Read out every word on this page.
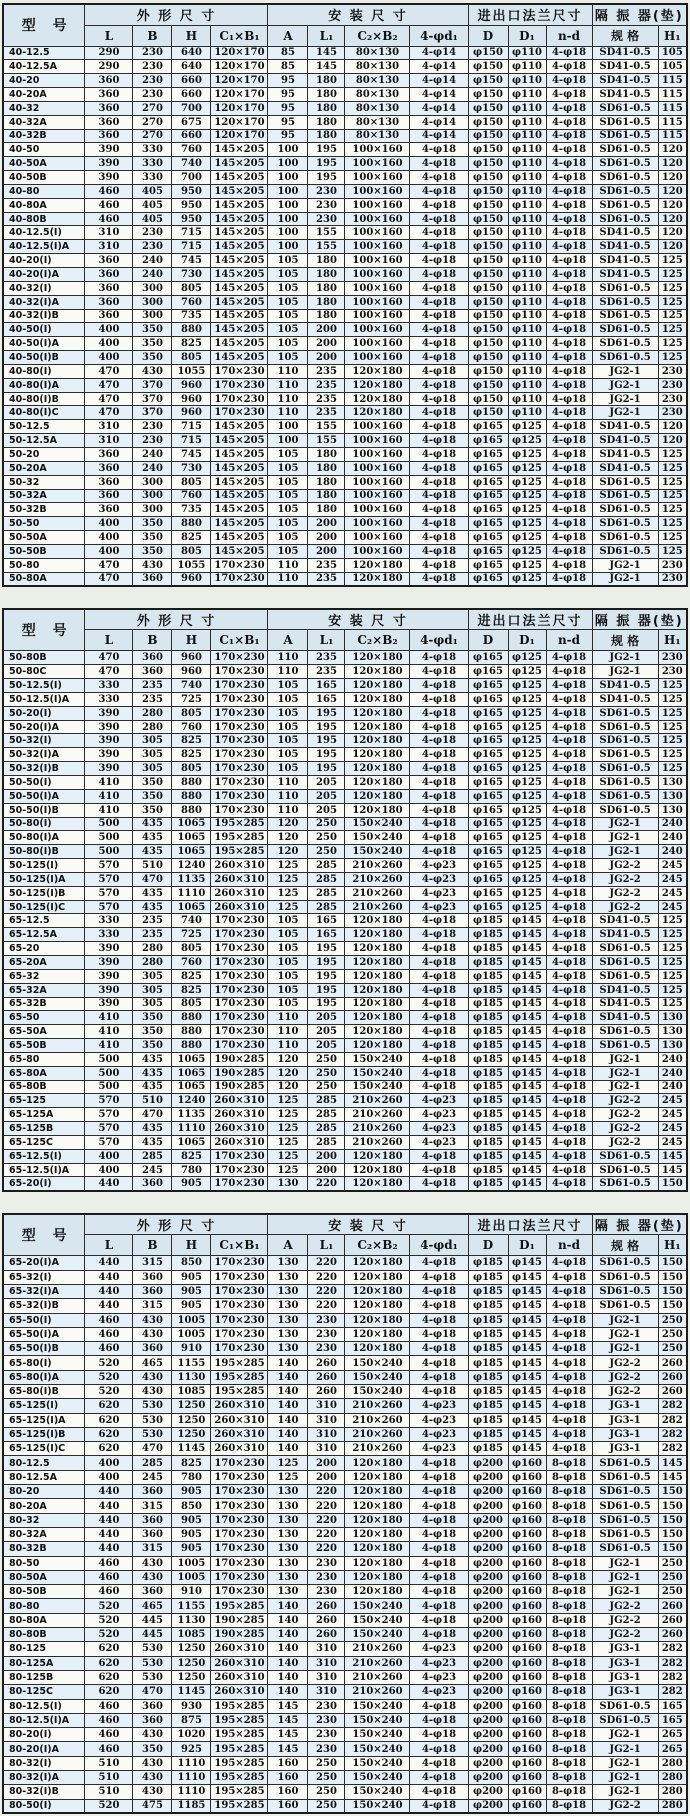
型 号	外 形 尺 寸				安 装 尺 寸				进出口法兰尺寸			隔 振 器(垫)	
	L	B	H	C₁×B₁	A	L₁	C₂×B₂	4-φd₁	D	D₁	n-d	规 格	H₁
40-12.5	290	230	640	120×170	85	145	80×130	4-φ14	φ150	φ110	4-φ18	SD41-0.5	105
40-12.5A	290	230	640	120×170	85	145	80×130	4-φ14	φ150	φ110	4-φ18	SD41-0.5	105
40-20	360	230	660	120×170	95	180	80×130	4-φ14	φ150	φ110	4-φ18	SD41-0.5	115
40-20A	360	230	660	120×170	95	180	80×130	4-φ14	φ150	φ110	4-φ18	SD41-0.5	115
40-32	360	270	700	120×170	95	180	80×130	4-φ14	φ150	φ110	4-φ18	SD61-0.5	115
40-32A	360	270	675	120×170	95	180	80×130	4-φ14	φ150	φ110	4-φ18	SD61-0.5	115
40-32B	360	270	660	120×170	95	180	80×130	4-φ14	φ150	φ110	4-φ18	SD61-0.5	115
40-50	390	330	760	145×205	100	195	100×160	4-φ18	φ150	φ110	4-φ18	SD61-0.5	120
40-50A	390	330	740	145×205	100	195	100×160	4-φ18	φ150	φ110	4-φ18	SD61-0.5	120
40-50B	390	330	700	145×205	100	195	100×160	4-φ18	φ150	φ110	4-φ18	SD61-0.5	120
40-80	460	405	950	145×205	100	230	100×160	4-φ18	φ150	φ110	4-φ18	SD61-0.5	120
40-80A	460	405	950	145×205	100	230	100×160	4-φ18	φ150	φ110	4-φ18	SD61-0.5	120
40-80B	460	405	950	145×205	100	230	100×160	4-φ18	φ150	φ110	4-φ18	SD61-0.5	120
40-12.5(I)	310	230	715	145×205	100	155	100×160	4-φ18	φ150	φ110	4-φ18	SD41-0.5	120
40-12.5(I)A	310	230	715	145×205	100	155	100×160	4-φ18	φ150	φ110	4-φ18	SD41-0.5	120
40-20(I)	360	240	745	145×205	105	180	100×160	4-φ18	φ150	φ110	4-φ18	SD41-0.5	125
40-20(I)A	360	240	730	145×205	105	180	100×160	4-φ18	φ150	φ110	4-φ18	SD41-0.5	125
40-32(I)	360	300	805	145×205	105	180	100×160	4-φ18	φ150	φ110	4-φ18	SD61-0.5	125
40-32(I)A	360	300	760	145×205	105	180	100×160	4-φ18	φ150	φ110	4-φ18	SD61-0.5	125
40-32(I)B	360	300	735	145×205	105	180	100×160	4-φ18	φ150	φ110	4-φ18	SD61-0.5	125
40-50(I)	400	350	880	145×205	105	200	100×160	4-φ18	φ150	φ110	4-φ18	SD61-0.5	125
40-50(I)A	400	350	825	145×205	105	200	100×160	4-φ18	φ150	φ110	4-φ18	SD61-0.5	125
40-50(I)B	400	350	805	145×205	105	200	100×160	4-φ18	φ150	φ110	4-φ18	SD61-0.5	125
40-80(I)	470	430	1055	170×230	110	235	120×180	4-φ18	φ150	φ110	4-φ18	JG2-1	230
40-80(I)A	470	370	960	170×230	110	235	120×180	4-φ18	φ150	φ110	4-φ18	JG2-1	230
40-80(I)B	470	370	960	170×230	110	235	120×180	4-φ18	φ150	φ110	4-φ18	JG2-1	230
40-80(I)C	470	370	960	170×230	110	235	120×180	4-φ18	φ150	φ110	4-φ18	JG2-1	230
50-12.5	310	230	715	145×205	100	155	100×160	4-φ18	φ165	φ125	4-φ18	SD41-0.5	120
50-12.5A	310	230	715	145×205	100	155	100×160	4-φ18	φ165	φ125	4-φ18	SD41-0.5	120
50-20	360	240	745	145×205	105	180	100×160	4-φ18	φ165	φ125	4-φ18	SD41-0.5	125
50-20A	360	240	730	145×205	105	180	100×160	4-φ18	φ165	φ125	4-φ18	SD41-0.5	125
50-32	360	300	805	145×205	105	180	100×160	4-φ18	φ165	φ125	4-φ18	SD61-0.5	125
50-32A	360	300	760	145×205	105	180	100×160	4-φ18	φ165	φ125	4-φ18	SD61-0.5	125
50-32B	360	300	735	145×205	105	180	100×160	4-φ18	φ165	φ125	4-φ18	SD61-0.5	125
50-50	400	350	880	145×205	105	200	100×160	4-φ18	φ165	φ125	4-φ18	SD61-0.5	125
50-50A	400	350	825	145×205	105	200	100×160	4-φ18	φ165	φ125	4-φ18	SD61-0.5	125
50-50B	400	350	805	145×205	105	200	100×160	4-φ18	φ165	φ125	4-φ18	SD61-0.5	125
50-80	470	430	1055	170×230	110	235	120×180	4-φ18	φ165	φ125	4-φ18	JG2-1	230
50-80A	470	360	960	170×230	110	235	120×180	4-φ18	φ165	φ125	4-φ18	JG2-1	230
型 号	外 形 尺 寸				安 装 尺 寸				进出口法兰尺寸			隔 振 器(垫)	
	L	B	H	C₁×B₁	A	L₁	C₂×B₂	4-φd₁	D	D₁	n-d	规 格	H₁
50-80B	470	360	960	170×230	110	235	120×180	4-φ18	φ165	φ125	4-φ18	JG2-1	230
50-80C	470	360	960	170×230	110	235	120×180	4-φ18	φ165	φ125	4-φ18	JG2-1	230
50-12.5(I)	330	235	740	170×230	105	165	120×180	4-φ18	φ165	φ125	4-φ18	SD41-0.5	125
50-12.5(I)A	330	235	725	170×230	105	165	120×180	4-φ18	φ165	φ125	4-φ18	SD41-0.5	125
50-20(I)	390	280	805	170×230	105	195	120×180	4-φ18	φ165	φ125	4-φ18	SD61-0.5	125
50-20(I)A	390	280	760	170×230	105	195	120×180	4-φ18	φ165	φ125	4-φ18	SD61-0.5	125
50-32(I)	390	305	825	170×230	105	195	120×180	4-φ18	φ165	φ125	4-φ18	SD61-0.5	125
50-32(I)A	390	305	825	170×230	105	195	120×180	4-φ18	φ165	φ125	4-φ18	SD61-0.5	125
50-32(I)B	390	305	805	170×230	105	195	120×180	4-φ18	φ165	φ125	4-φ18	SD61-0.5	125
50-50(I)	410	350	880	170×230	110	205	120×180	4-φ18	φ165	φ125	4-φ18	SD61-0.5	130
50-50(I)A	410	350	880	170×230	110	205	120×180	4-φ18	φ165	φ125	4-φ18	SD61-0.5	130
50-50(I)B	410	350	880	170×230	110	205	120×180	4-φ18	φ165	φ125	4-φ18	SD61-0.5	130
50-80(I)	500	435	1065	195×285	120	250	150×240	4-φ18	φ165	φ125	4-φ18	JG2-1	240
50-80(I)A	500	435	1065	195×285	120	250	150×240	4-φ18	φ165	φ125	4-φ18	JG2-1	240
50-80(I)B	500	435	1065	195×285	120	250	150×240	4-φ18	φ165	φ125	4-φ18	JG2-1	240
50-125(I)	570	510	1240	260×310	125	285	210×260	4-φ23	φ165	φ125	4-φ18	JG2-2	245
50-125(I)A	570	470	1135	260×310	125	285	210×260	4-φ23	φ165	φ125	4-φ18	JG2-2	245
50-125(I)B	570	435	1110	260×310	125	285	210×260	4-φ23	φ165	φ125	4-φ18	JG2-2	245
50-125(I)C	570	435	1065	260×310	125	285	210×260	4-φ23	φ165	φ125	4-φ18	JG2-2	245
65-12.5	330	235	740	170×230	105	165	120×180	4-φ18	φ185	φ145	4-φ18	SD41-0.5	125
65-12.5A	330	235	725	170×230	105	165	120×180	4-φ18	φ185	φ145	4-φ18	SD41-0.5	125
65-20	390	280	805	170×230	105	195	120×180	4-φ18	φ185	φ145	4-φ18	SD61-0.5	125
65-20A	390	280	760	170×230	105	195	120×180	4-φ18	φ185	φ145	4-φ18	SD61-0.5	125
65-32	390	305	825	170×230	105	195	120×180	4-φ18	φ185	φ145	4-φ18	SD61-0.5	125
65-32A	390	305	825	170×230	105	195	120×180	4-φ18	φ185	φ145	4-φ18	SD41-0.5	125
65-32B	390	305	805	170×230	105	195	120×180	4-φ18	φ185	φ145	4-φ18	SD41-0.5	125
65-50	410	350	880	170×230	110	205	120×180	4-φ18	φ185	φ145	4-φ18	SD41-0.5	130
65-50A	410	350	880	170×230	110	205	120×180	4-φ18	φ185	φ145	4-φ18	SD61-0.5	130
65-50B	410	350	880	170×230	110	205	120×180	4-φ18	φ185	φ145	4-φ18	SD61-0.5	130
65-80	500	435	1065	190×285	120	250	150×240	4-φ18	φ185	φ145	4-φ18	JG2-1	240
65-80A	500	435	1065	190×285	120	250	150×240	4-φ18	φ185	φ145	4-φ18	JG2-1	240
65-80B	500	435	1065	190×285	120	250	150×240	4-φ18	φ185	φ145	4-φ18	JG2-1	240
65-125	570	510	1240	260×310	125	285	210×260	4-φ23	φ185	φ145	4-φ18	JG2-2	245
65-125A	570	470	1135	260×310	125	285	210×260	4-φ23	φ185	φ145	4-φ18	JG2-2	245
65-125B	570	435	1110	260×310	125	285	210×260	4-φ23	φ185	φ145	4-φ18	JG2-2	245
65-125C	570	435	1065	260×310	125	285	210×260	4-φ23	φ185	φ145	4-φ18	JG2-2	245
65-12.5(I)	400	285	825	170×230	125	200	120×180	4-φ18	φ185	φ145	4-φ18	SD61-0.5	145
65-12.5(I)A	400	245	780	170×230	125	200	120×180	4-φ18	φ185	φ145	4-φ18	SD61-0.5	145
65-20(I)	440	360	905	170×230	130	220	120×180	4-φ18	φ185	φ145	4-φ18	SD61-0.5	150
型 号	外 形 尺 寸				安 装 尺 寸				进出口法兰尺寸			隔 振 器(垫)	
	L	B	H	C₁×B₁	A	L₁	C₂×B₂	4-φd₁	D	D₁	n-d	规 格	H₁
65-20(I)A	440	315	850	170×230	130	220	120×180	4-φ18	φ185	φ145	4-φ18	SD61-0.5	150
65-32(I)	440	360	905	170×230	130	220	120×180	4-φ18	φ185	φ145	4-φ18	SD61-0.5	150
65-32(I)A	440	360	905	170×230	130	220	120×180	4-φ18	φ185	φ145	4-φ18	SD61-0.5	150
65-32(I)B	440	315	905	170×230	130	220	120×180	4-φ18	φ185	φ145	4-φ18	SD61-0.5	150
65-50(I)	460	430	1005	170×230	130	230	120×180	4-φ18	φ185	φ145	4-φ18	JG2-1	250
65-50(I)A	460	430	1005	170×230	130	230	120×180	4-φ18	φ185	φ145	4-φ18	JG2-1	250
65-50(I)B	460	360	910	170×230	130	230	120×180	4-φ18	φ185	φ145	4-φ18	JG2-1	250
65-80(I)	520	465	1155	195×285	140	260	150×240	4-φ18	φ185	φ145	4-φ18	JG2-2	260
65-80(I)A	520	430	1130	195×285	140	260	150×240	4-φ18	φ185	φ145	4-φ18	JG2-2	260
65-80(I)B	520	430	1085	195×285	140	260	150×240	4-φ18	φ185	φ145	4-φ18	JG2-2	260
65-125(I)	620	530	1250	260×310	140	310	210×260	4-φ23	φ185	φ145	4-φ18	JG3-1	282
65-125(I)A	620	530	1250	260×310	140	310	210×260	4-φ23	φ185	φ145	4-φ18	JG3-1	282
65-125(I)B	620	530	1250	260×310	140	310	210×260	4-φ23	φ185	φ145	4-φ18	JG3-1	282
65-125(I)C	620	470	1145	260×310	140	310	210×260	4-φ23	φ185	φ145	4-φ18	JG3-1	282
80-12.5	400	285	825	170×230	125	200	120×180	4-φ18	φ200	φ160	8-φ18	SD61-0.5	145
80-12.5A	400	245	780	170×230	125	200	120×180	4-φ18	φ200	φ160	8-φ18	SD61-0.5	145
80-20	440	360	905	170×230	130	220	120×180	4-φ18	φ200	φ160	8-φ18	SD61-0.5	150
80-20A	440	315	850	170×230	130	220	120×180	4-φ18	φ200	φ160	8-φ18	SD61-0.5	150
80-32	440	360	905	170×230	130	220	120×180	4-φ18	φ200	φ160	8-φ18	SD61-0.5	150
80-32A	440	360	905	170×230	130	220	120×180	4-φ18	φ200	φ160	8-φ18	SD61-0.5	150
80-32B	440	315	905	170×230	130	220	120×180	4-φ18	φ200	φ160	8-φ18	SD61-0.5	150
80-50	460	430	1005	170×230	130	230	120×180	4-φ18	φ200	φ160	8-φ18	JG2-1	250
80-50A	460	430	1005	170×230	130	230	120×180	4-φ18	φ200	φ160	8-φ18	JG2-1	250
80-50B	460	360	910	170×230	130	230	120×180	4-φ18	φ200	φ160	8-φ18	JG2-1	250
80-80	520	465	1155	195×285	140	260	150×240	4-φ18	φ200	φ160	8-φ18	JG2-2	260
80-80A	520	445	1130	190×285	140	260	150×240	4-φ18	φ200	φ160	8-φ18	JG2-2	260
80-80B	520	445	1085	190×285	140	260	150×240	4-φ18	φ200	φ160	8-φ18	JG2-2	260
80-125	620	530	1250	260×310	140	310	210×260	4-φ23	φ200	φ160	8-φ18	JG3-1	282
80-125A	620	530	1250	260×310	140	310	210×260	4-φ23	φ200	φ160	8-φ18	JG3-1	282
80-125B	620	530	1250	260×310	140	310	210×260	4-φ23	φ200	φ160	8-φ18	JG3-1	282
80-125C	620	470	1145	260×310	140	310	210×260	4-φ23	φ200	φ160	8-φ18	JG3-1	282
80-12.5(I)	460	360	930	195×285	145	230	150×240	4-φ18	φ200	φ160	8-φ18	SD61-0.5	165
80-12.5(I)A	460	360	875	195×285	145	230	150×240	4-φ18	φ200	φ160	8-φ18	SD61-0.5	165
80-20(I)	460	430	1020	195×285	145	230	150×240	4-φ18	φ200	φ160	8-φ18	JG2-1	265
80-20(I)A	460	350	925	195×285	145	230	150×240	4-φ18	φ200	φ160	8-φ18	JG2-1	265
80-32(I)	510	430	1110	195×285	160	250	150×240	4-φ18	φ200	φ160	8-φ18	JG2-1	280
80-32(I)A	510	430	1110	195×285	160	250	150×240	4-φ18	φ200	φ160	8-φ18	JG2-1	280
80-32(I)B	510	430	1110	195×285	160	250	150×240	4-φ18	φ200	φ160	8-φ18	JG2-1	280
80-50(I)	520	475	1185	195×285	160	250	150×240	4-φ18	φ200	φ160	8-φ18	JG2-2	280
